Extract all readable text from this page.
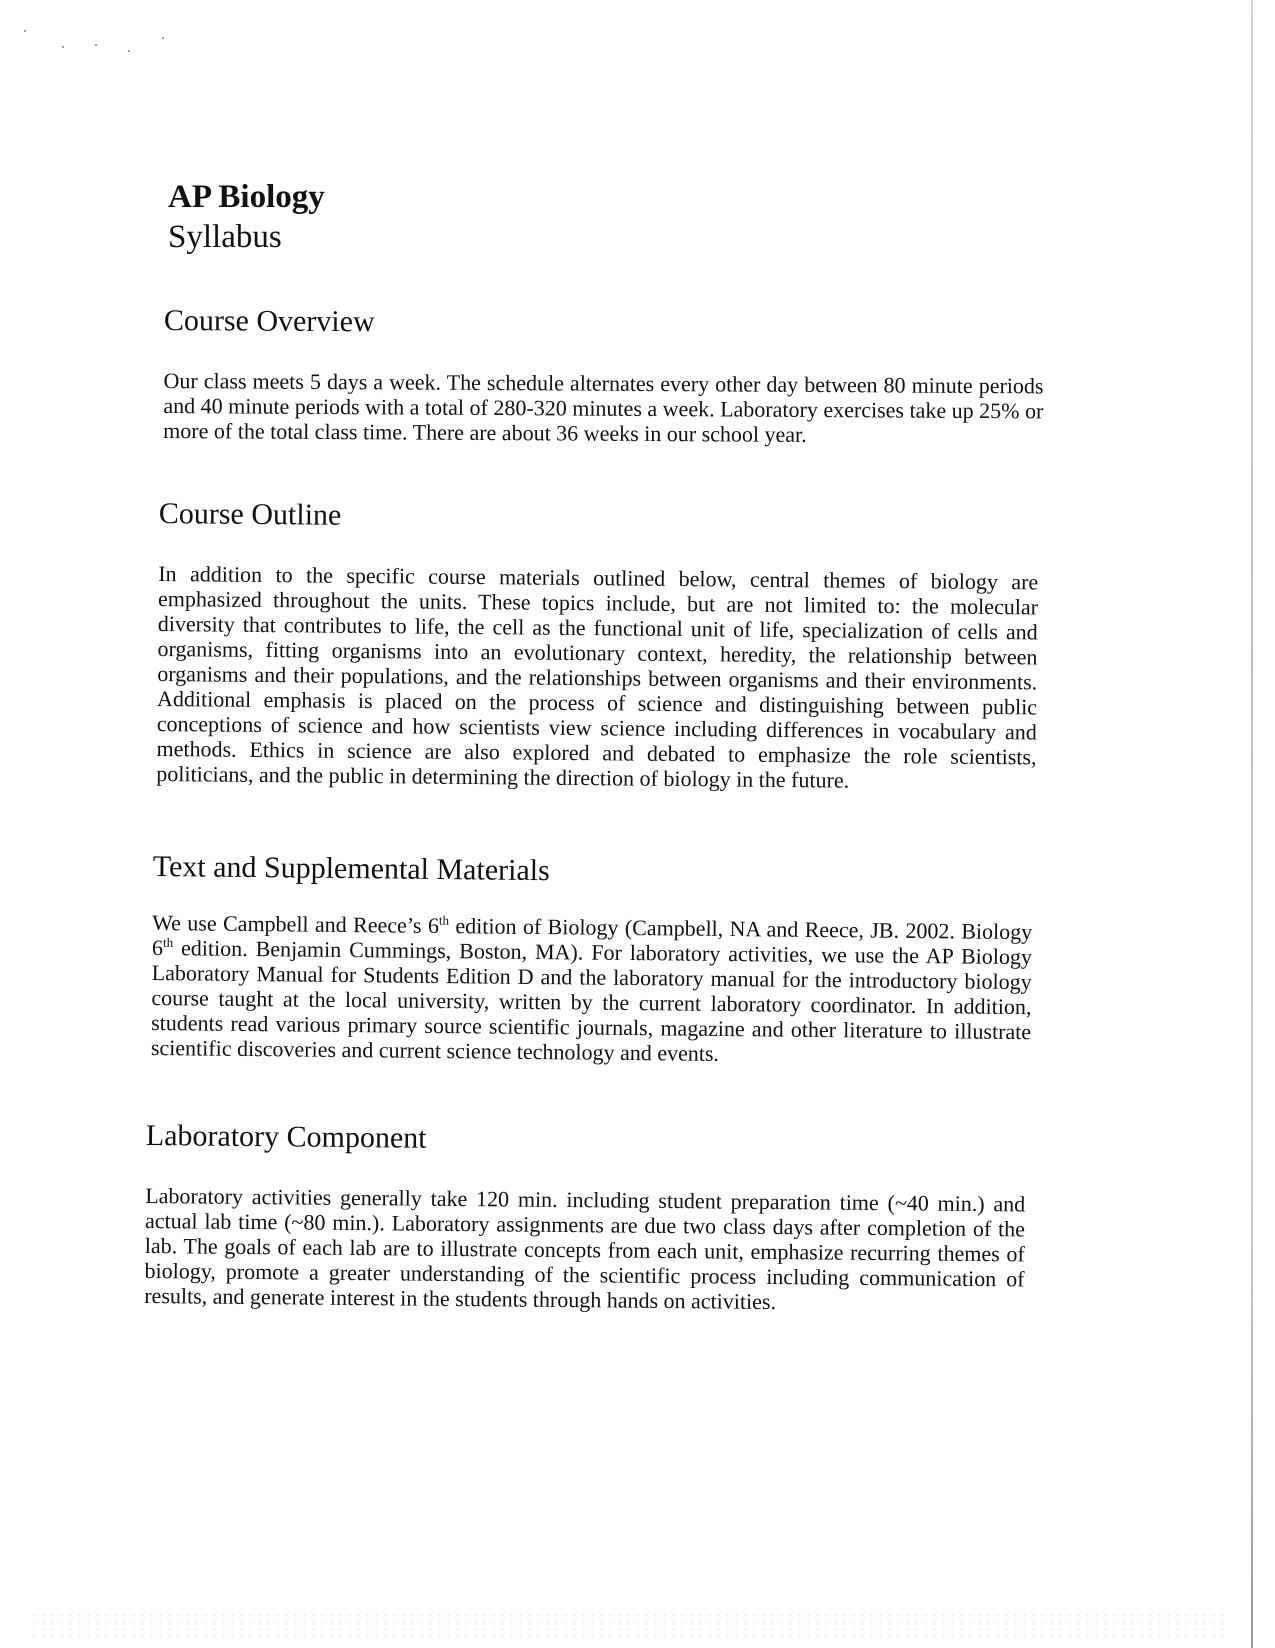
AP Biology
Syllabus
Course Overview

Our class meets 5 days a week. The schedule alternates every other day between 80 minute periods and 40 minute periods with a total of 280-320 minutes a week. Laboratory exercises take up 25% or more of the total class time. There are about 36 weeks in our school year.

Course Outline

In addition to the specific course materials outlined below, central themes of biology are emphasized throughout the units. These topics include, but are not limited to: the molecular diversity that contributes to life, the cell as the functional unit of life, specialization of cells and organisms, fitting organisms into an evolutionary context, heredity, the relationship between organisms and their populations, and the relationships between organisms and their environments. Additional emphasis is placed on the process of science and distinguishing between public conceptions of science and how scientists view science including differences in vocabulary and methods. Ethics in science are also explored and debated to emphasize the role scientists, politicians, and the public in determining the direction of biology in the future.

Text and Supplemental Materials

We use Campbell and Reece’s 6th edition of Biology (Campbell, NA and Reece, JB. 2002. Biology 6th edition. Benjamin Cummings, Boston, MA). For laboratory activities, we use the AP Biology Laboratory Manual for Students Edition D and the laboratory manual for the introductory biology course taught at the local university, written by the current laboratory coordinator. In addition, students read various primary source scientific journals, magazine and other literature to illustrate scientific discoveries and current science technology and events.

Laboratory Component

Laboratory activities generally take 120 min. including student preparation time (~40 min.) and actual lab time (~80 min.). Laboratory assignments are due two class days after completion of the lab. The goals of each lab are to illustrate concepts from each unit, emphasize recurring themes of biology, promote a greater understanding of the scientific process including communication of results, and generate interest in the students through hands on activities.
